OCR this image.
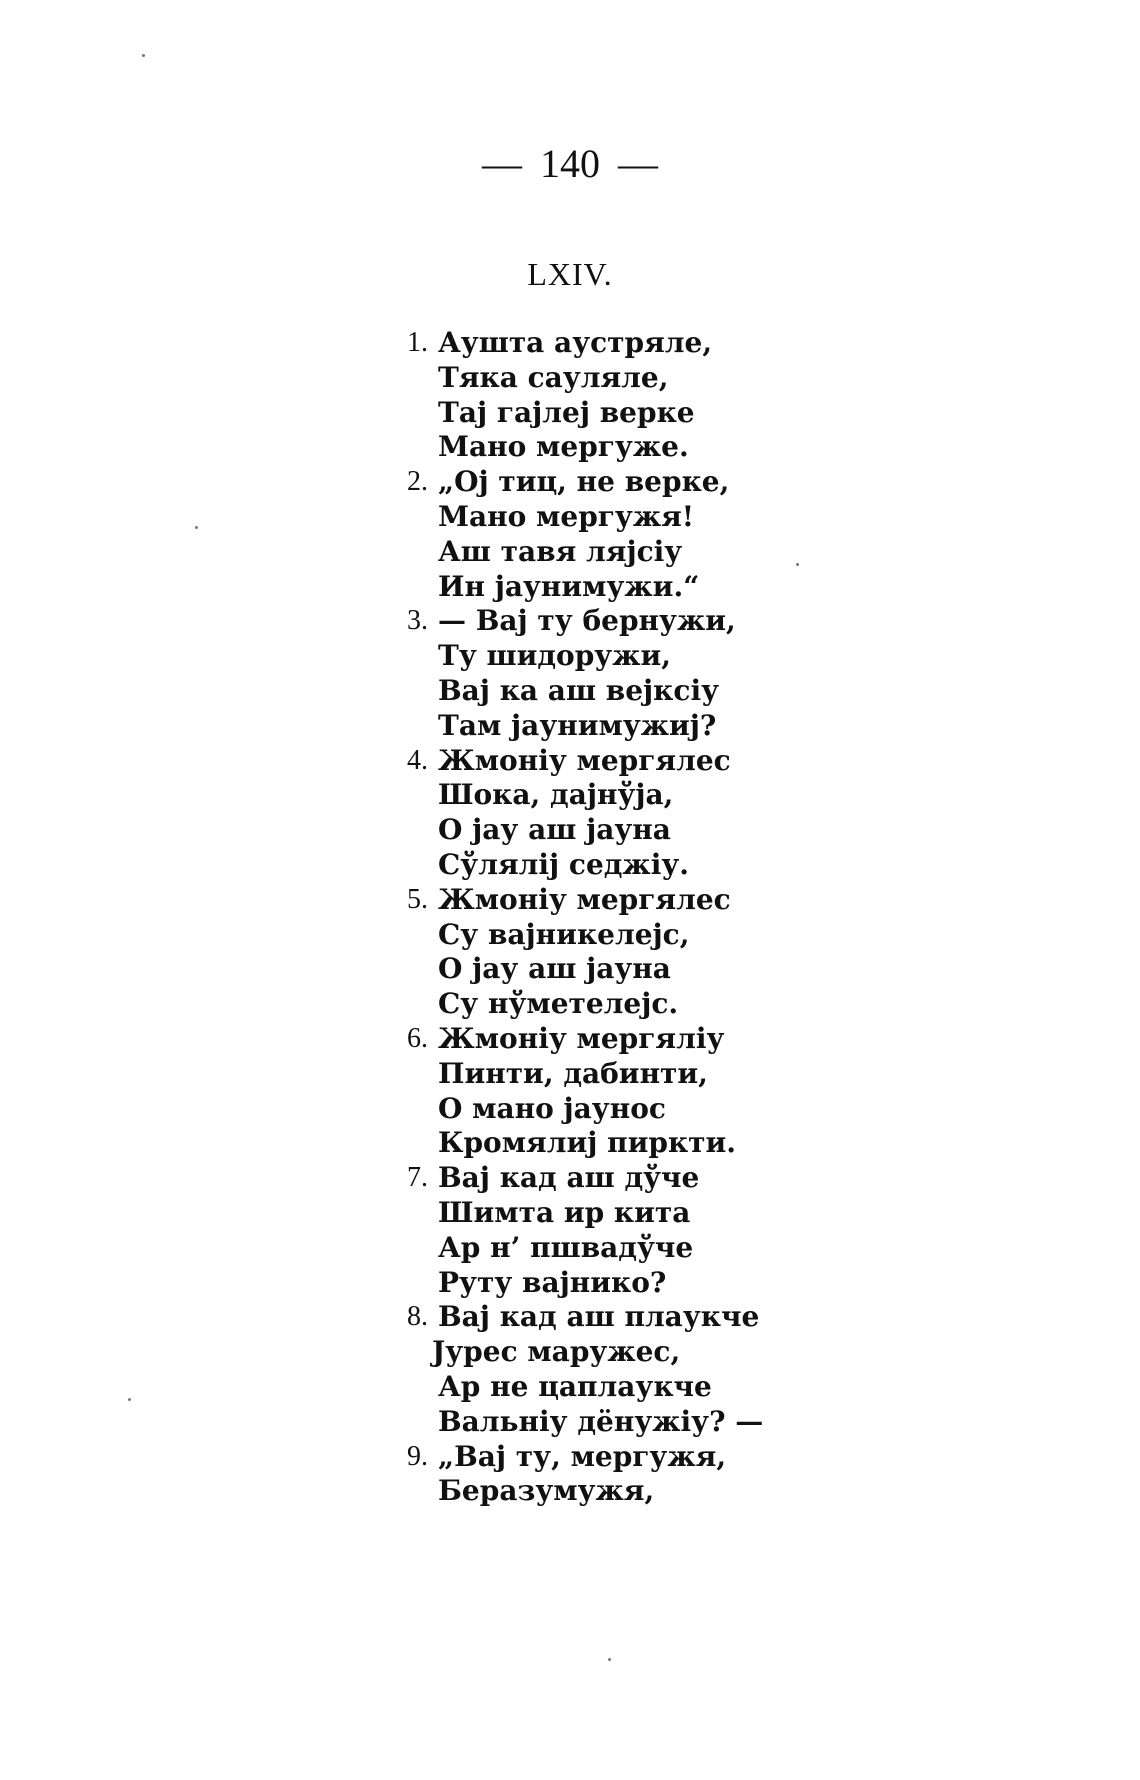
— 140 —
LXIV.
1. Аушта аустряле,
Тяка сауляле,
Тај гајлеј верке
Мано мергуже.
2. „Ој тиц, не верке,
Мано мергужя!
Аш тавя ляјсіу
Ин јаунимужи.“
3. — Вај ту бернужи,
Ту шидоружи,
Вај ка аш вејксіу
Там јаунимужиј?
4. Жмоніу мергялес
Шока, дајнўја,
О јау аш јауна
Сўляліј седжіу.
5. Жмоніу мергялес
Су вајникелејс,
О јау аш јауна
Су нўметелејс.
6. Жмоніу мергяліу
Пинти, дабинти,
О мано јаунос
Кромялиј пиркти.
7. Вај кад аш дўче
Шимта ир кита
Ар н’ пшвадўче
Руту вајнико?
8. Вај кад аш плаукче
Јурес маружес,
Ар не цаплаукче
Вальніу дёнужіу? —
9. „Вај ту, мергужя,
Беразумужя,
